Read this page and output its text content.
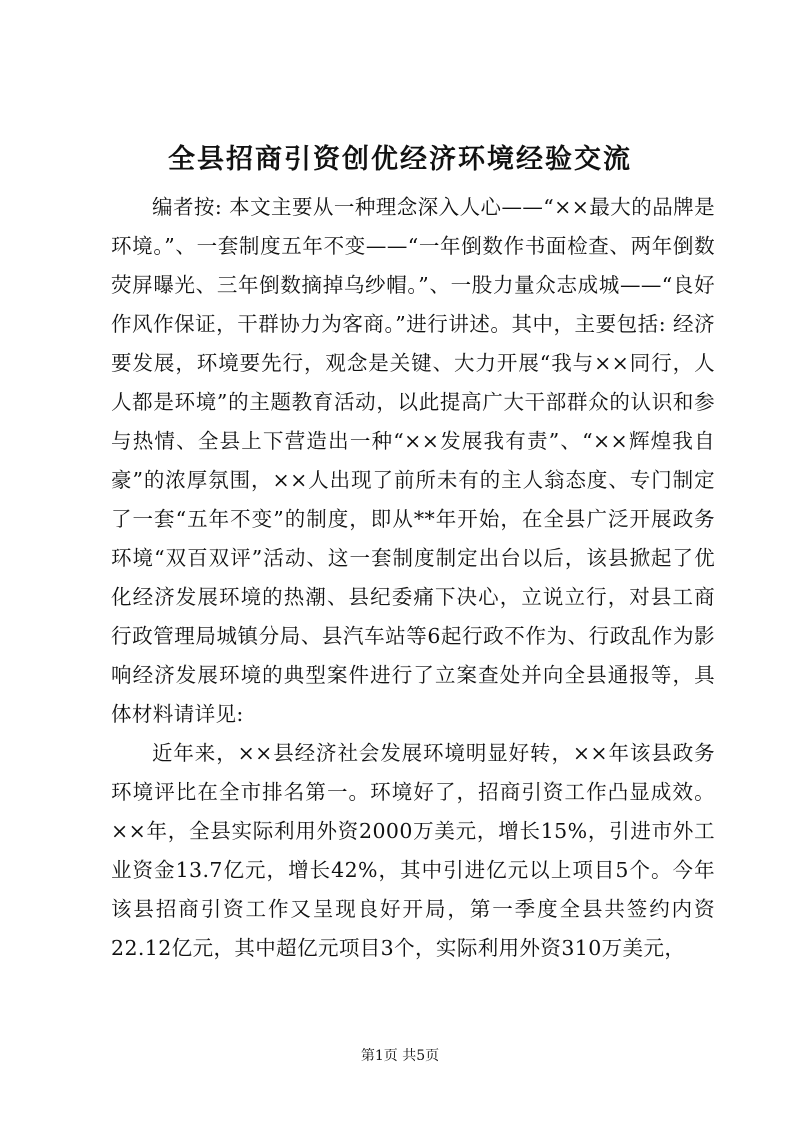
全县招商引资创优经济环境经验交流

编者按: 本文主要从一种理念深入人心——“××最大的品牌是环境。”、一套制度五年不变——“一年倒数作书面检查、两年倒数荧屏曝光、三年倒数摘掉乌纱帽。”、一股力量众志成城——“良好作风作保证，干群协力为客商。”进行讲述。其中，主要包括: 经济要发展，环境要先行，观念是关键、大力开展“我与××同行，人人都是环境”的主题教育活动，以此提高广大干部群众的认识和参与热情、全县上下营造出一种“××发展我有责”、“××辉煌我自豪”的浓厚氛围，××人出现了前所未有的主人翁态度、专门制定了一套“五年不变”的制度，即从**年开始，在全县广泛开展政务环境“双百双评”活动、这一套制度制定出台以后，该县掀起了优化经济发展环境的热潮、县纪委痛下决心，立说立行，对县工商行政管理局城镇分局、县汽车站等6起行政不作为、行政乱作为影响经济发展环境的典型案件进行了立案查处并向全县通报等，具体材料请详见:

近年来，××县经济社会发展环境明显好转，××年该县政务环境评比在全市排名第一。环境好了，招商引资工作凸显成效。××年，全县实际利用外资2000万美元，增长15%，引进市外工业资金13.7亿元，增长42%，其中引进亿元以上项目5个。今年该县招商引资工作又呈现良好开局，第一季度全县共签约内资22.12亿元，其中超亿元项目3个，实际利用外资310万美元，

第1页 共5页
